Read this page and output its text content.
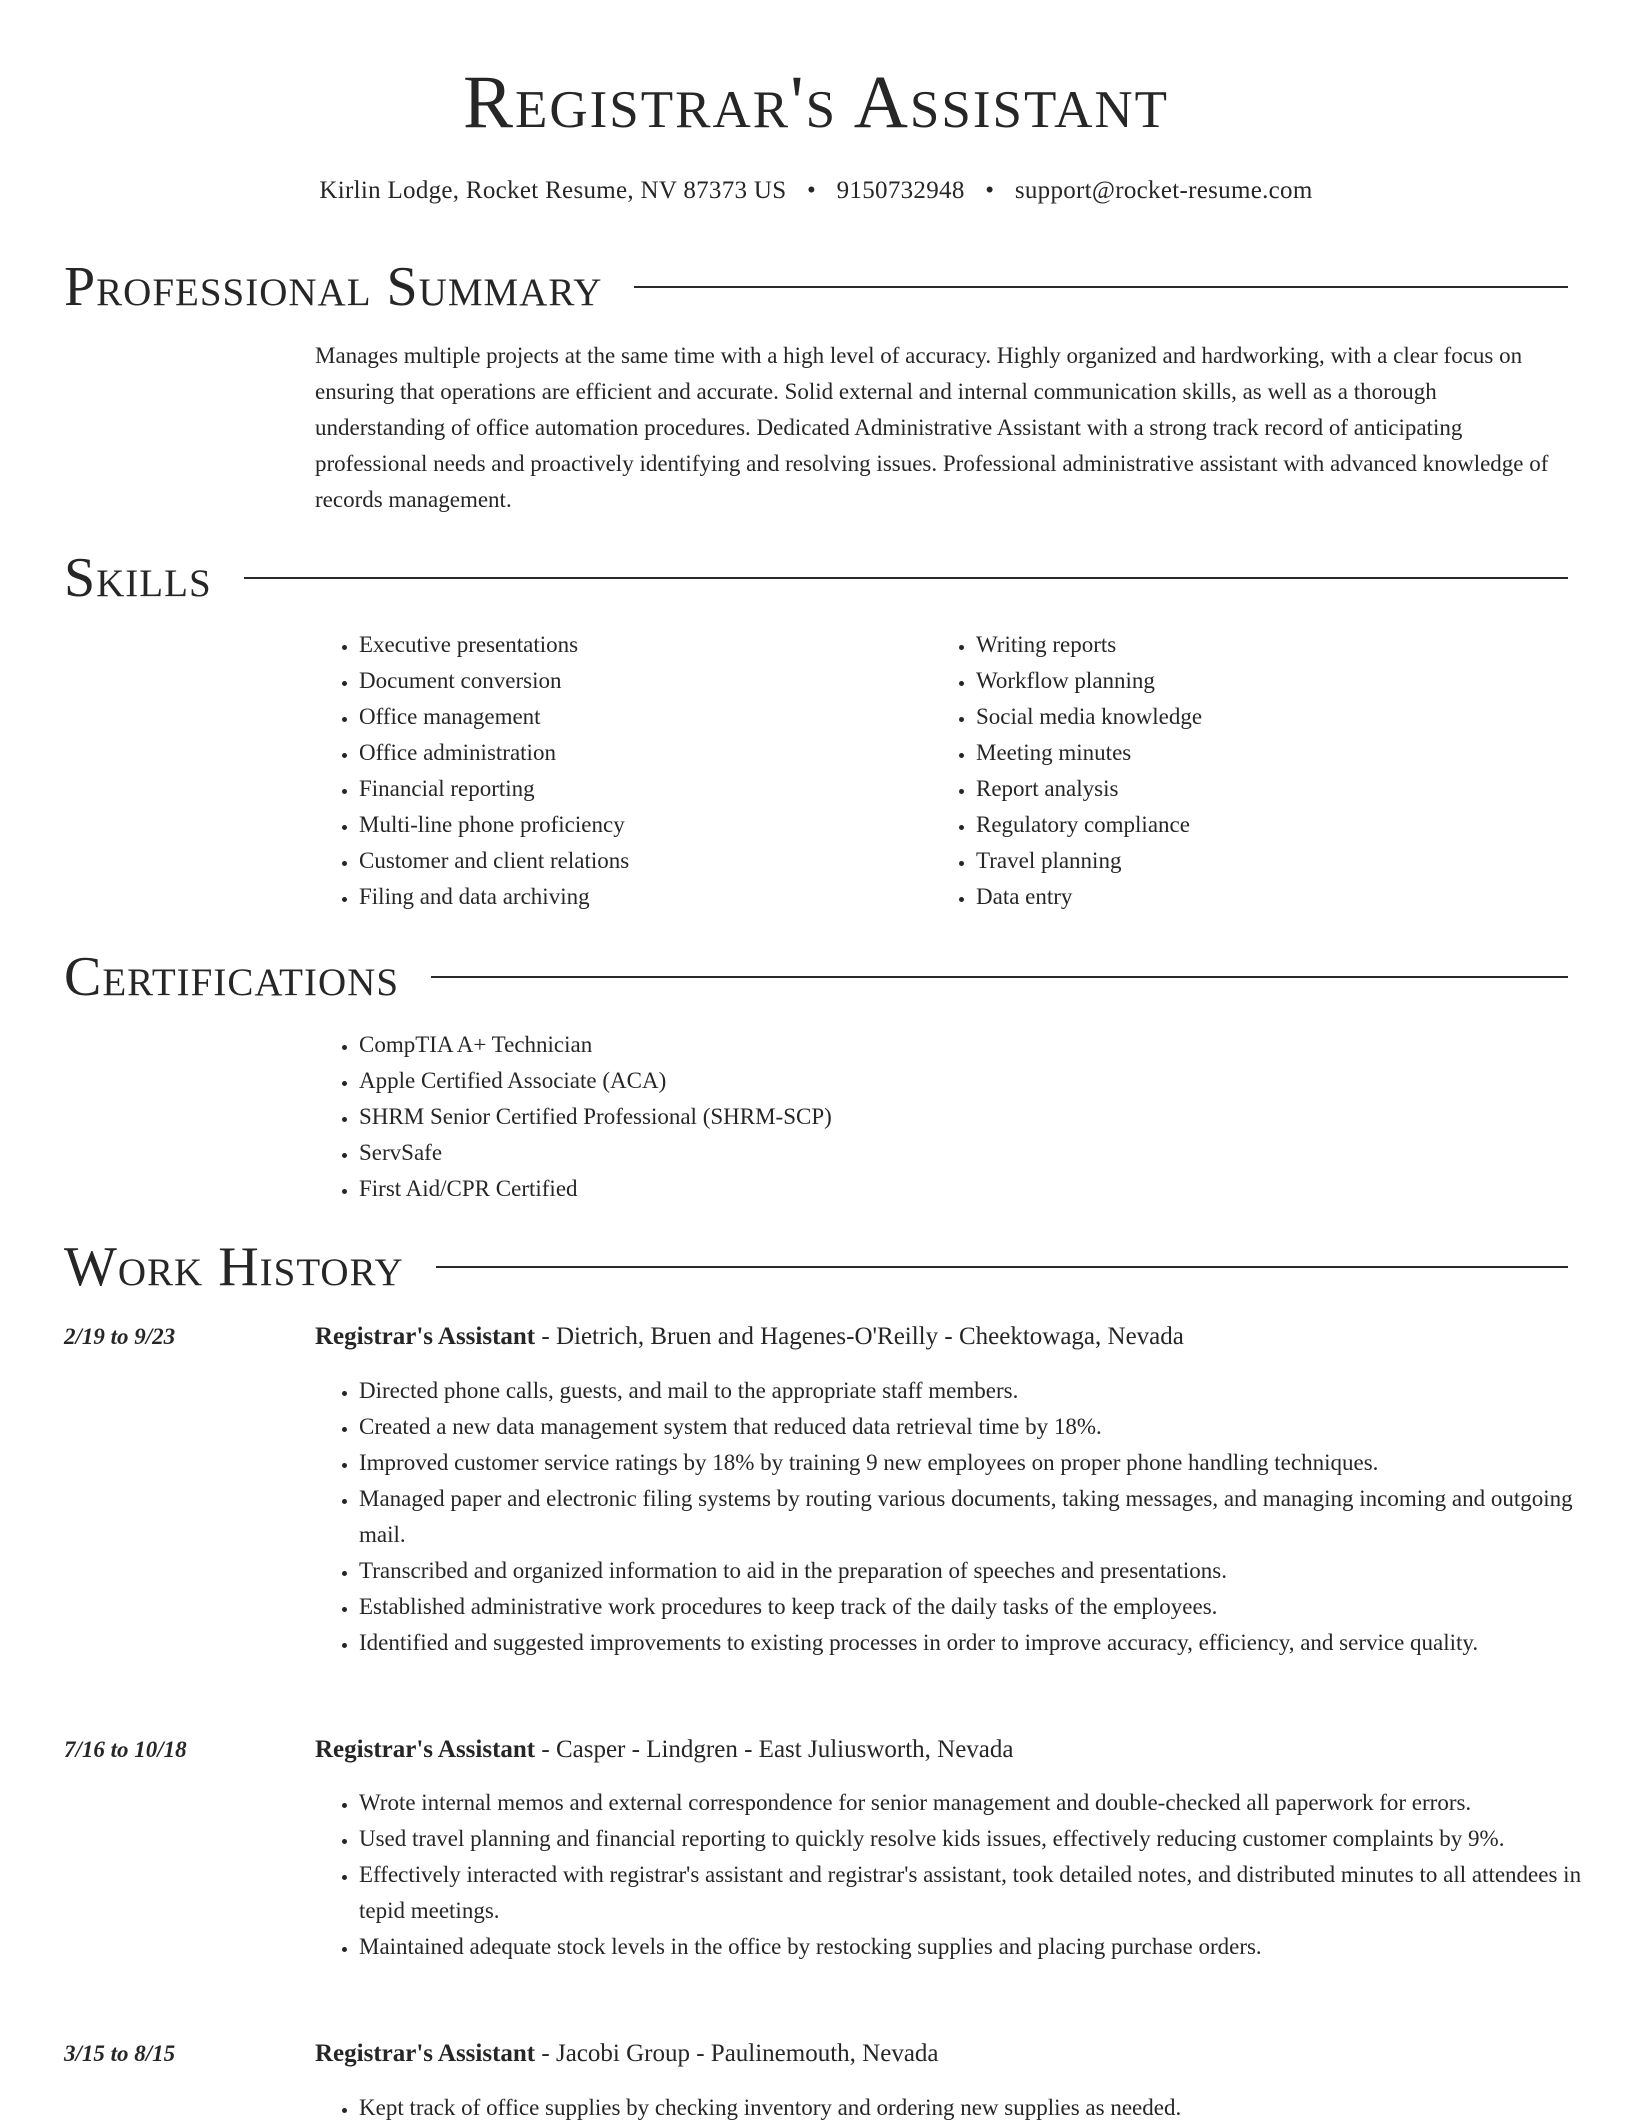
Registrar's Assistant
Kirlin Lodge, Rocket Resume, NV 87373 US • 9150732948 • support@rocket-resume.com
Professional Summary

Manages multiple projects at the same time with a high level of accuracy. Highly organized and hardworking, with a clear focus on ensuring that operations are efficient and accurate. Solid external and internal communication skills, as well as a thorough understanding of office automation procedures. Dedicated Administrative Assistant with a strong track record of anticipating professional needs and proactively identifying and resolving issues. Professional administrative assistant with advanced knowledge of records management.

Skills
• Executive presentations
• Document conversion
• Office management
• Office administration
• Financial reporting
• Multi-line phone proficiency
• Customer and client relations
• Filing and data archiving
• Writing reports
• Workflow planning
• Social media knowledge
• Meeting minutes
• Report analysis
• Regulatory compliance
• Travel planning
• Data entry
Certifications
• CompTIA A+ Technician
• Apple Certified Associate (ACA)
• SHRM Senior Certified Professional (SHRM-SCP)
• ServSafe
• First Aid/CPR Certified
Work History
2/19 to 9/23	Registrar's Assistant - Dietrich, Bruen and Hagenes-O'Reilly - Cheektowaga, Nevada
• Directed phone calls, guests, and mail to the appropriate staff members.
• Created a new data management system that reduced data retrieval time by 18%.
• Improved customer service ratings by 18% by training 9 new employees on proper phone handling techniques.
• Managed paper and electronic filing systems by routing various documents, taking messages, and managing incoming and outgoing mail.
• Transcribed and organized information to aid in the preparation of speeches and presentations.
• Established administrative work procedures to keep track of the daily tasks of the employees.
• Identified and suggested improvements to existing processes in order to improve accuracy, efficiency, and service quality.
7/16 to 10/18	Registrar's Assistant - Casper - Lindgren - East Juliusworth, Nevada
• Wrote internal memos and external correspondence for senior management and double-checked all paperwork for errors.
• Used travel planning and financial reporting to quickly resolve kids issues, effectively reducing customer complaints by 9%.
• Effectively interacted with registrar's assistant and registrar's assistant, took detailed notes, and distributed minutes to all attendees in tepid meetings.
• Maintained adequate stock levels in the office by restocking supplies and placing purchase orders.
3/15 to 8/15	Registrar's Assistant - Jacobi Group - Paulinemouth, Nevada
• Kept track of office supplies by checking inventory and ordering new supplies as needed.
